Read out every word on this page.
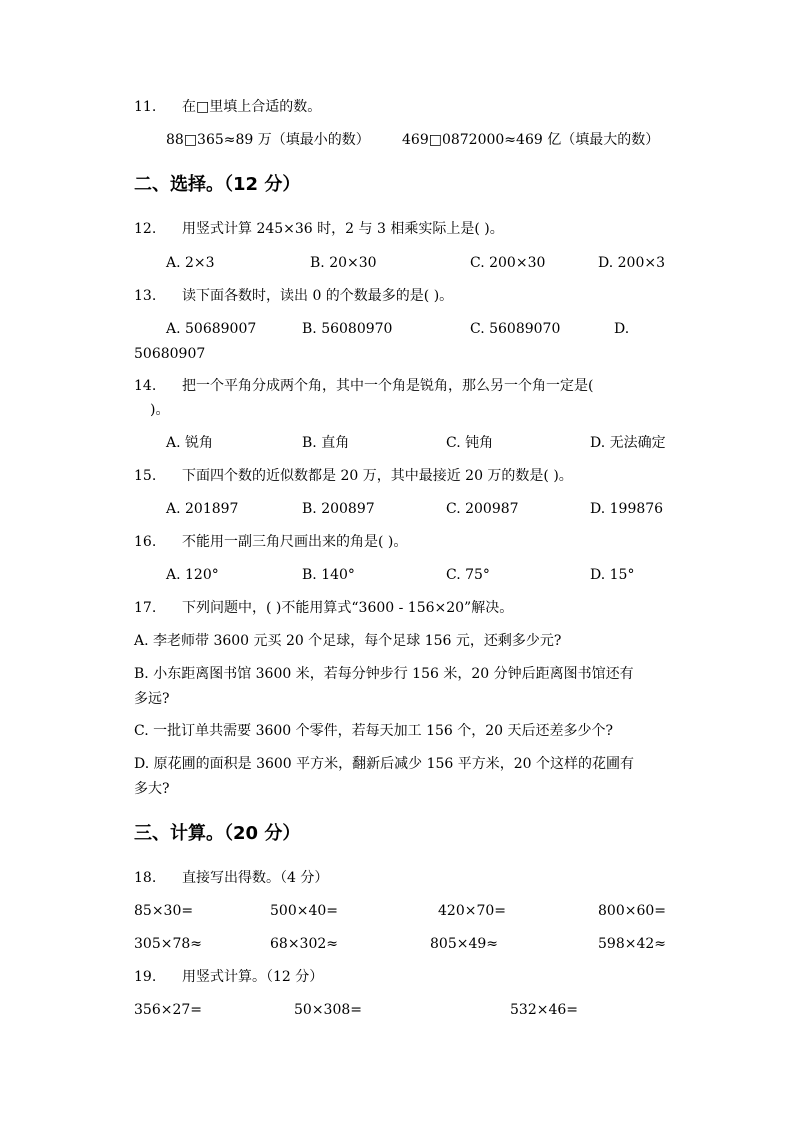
11. 在□里填上合适的数。
88□365≈89 万（填最小的数） 469□0872000≈469 亿（填最大的数）
二、选择。（12 分）
12. 用竖式计算 245×36 时，2 与 3 相乘实际上是( )。
A. 2×3	B. 20×30	C. 200×30	D. 200×3
13. 读下面各数时，读出 0 的个数最多的是( )。
A. 50689007	B. 56080970	C. 56089070	D.
50680907
14. 把一个平角分成两个角，其中一个角是锐角，那么另一个角一定是(
)。
A. 锐角	B. 直角	C. 钝角	D. 无法确定
15. 下面四个数的近似数都是 20 万，其中最接近 20 万的数是( )。
A. 201897	B. 200897	C. 200987	D. 199876
16. 不能用一副三角尺画出来的角是( )。
A. 120°	B. 140°	C. 75°	D. 15°
17. 下列问题中，( )不能用算式“3600 - 156×20”解决。
A. 李老师带 3600 元买 20 个足球，每个足球 156 元，还剩多少元?
B. 小东距离图书馆 3600 米，若每分钟步行 156 米，20 分钟后距离图书馆还有
多远?
C. 一批订单共需要 3600 个零件，若每天加工 156 个，20 天后还差多少个?
D. 原花圃的面积是 3600 平方米，翻新后减少 156 平方米，20 个这样的花圃有
多大?
三、计算。（20 分）
18. 直接写出得数。（4 分）
85×30=	500×40=	420×70=	800×60=
305×78≈	68×302≈	805×49≈	598×42≈
19. 用竖式计算。（12 分）
356×27=	50×308=	532×46=
